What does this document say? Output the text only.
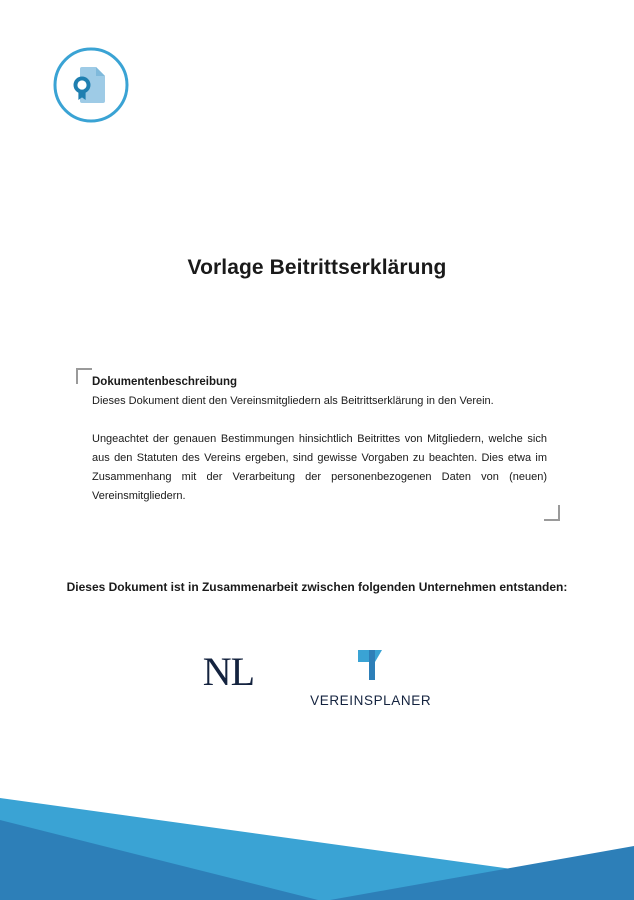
Vorlage Beitrittserklärung

Dokumentenbeschreibung

Dieses Dokument dient den Vereinsmitgliedern als Beitrittserklärung in den Verein.

Ungeachtet der genauen Bestimmungen hinsichtlich Beitrittes von Mitgliedern, welche sich aus den Statuten des Vereins ergeben, sind gewisse Vorgaben zu beachten. Dies etwa im Zusammenhang mit der Verarbeitung der personenbezogenen Daten von (neuen) Vereinsmitgliedern.

Dieses Dokument ist in Zusammenarbeit zwischen folgenden Unternehmen entstanden:
NL
VEREINSPLANER
